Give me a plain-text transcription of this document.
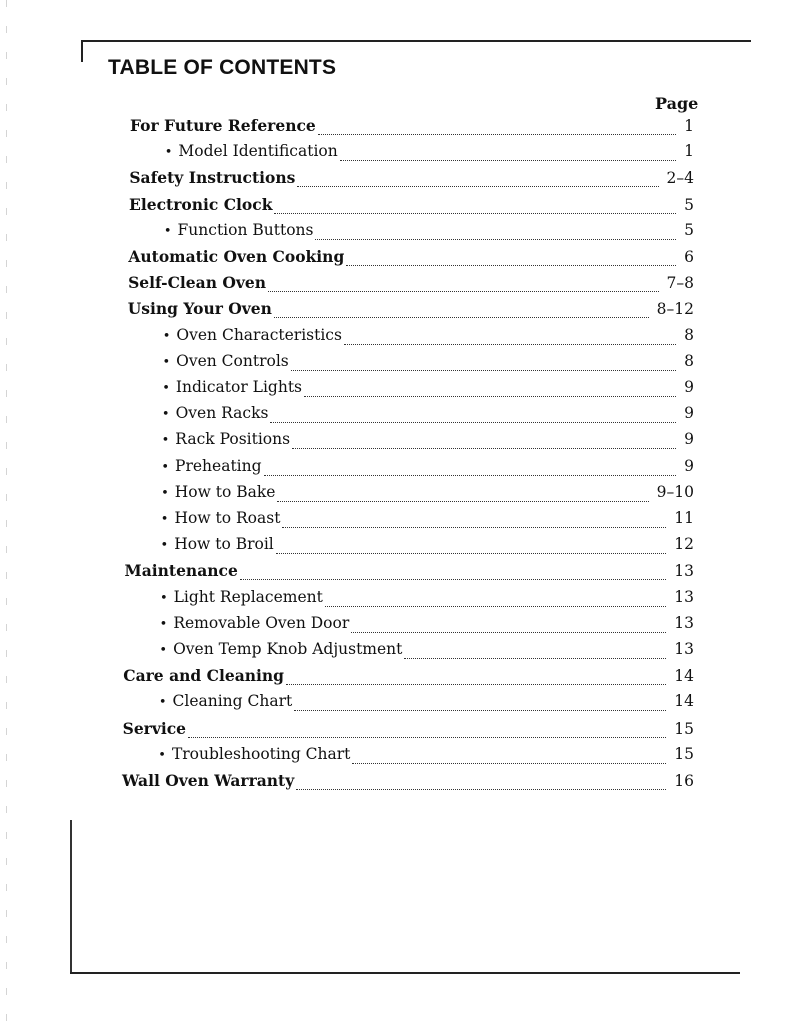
TABLE OF CONTENTS
Page
For Future Reference	1
• Model Identification	1
Safety Instructions	2–4
Electronic Clock	5
• Function Buttons	5
Automatic Oven Cooking	6
Self-Clean Oven	7–8
Using Your Oven	8–12
• Oven Characteristics	8
• Oven Controls	8
• Indicator Lights	9
• Oven Racks	9
• Rack Positions	9
• Preheating	9
• How to Bake	9–10
• How to Roast	11
• How to Broil	12
Maintenance	13
• Light Replacement	13
• Removable Oven Door	13
• Oven Temp Knob Adjustment	13
Care and Cleaning	14
• Cleaning Chart	14
Service	15
• Troubleshooting Chart	15
Wall Oven Warranty	16
